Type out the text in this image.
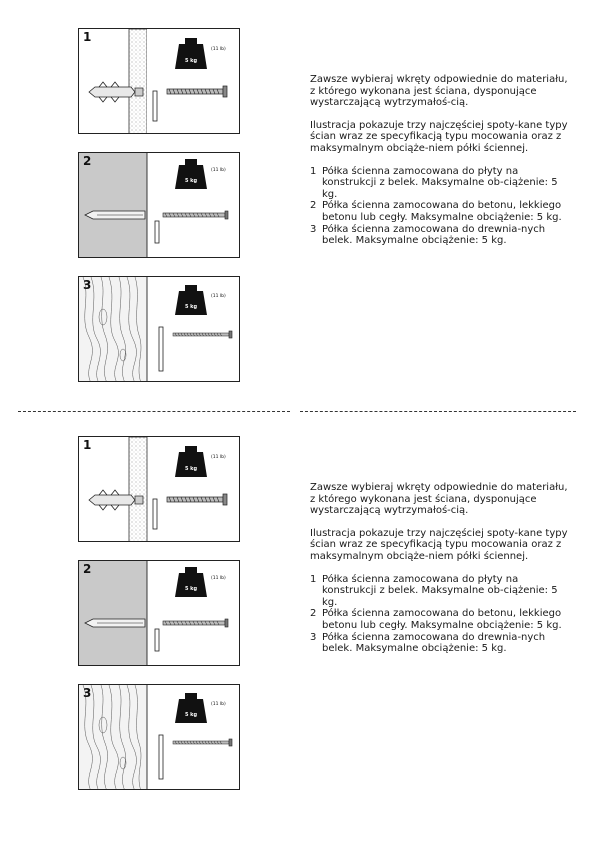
1
5 kg
(11 lb)
2
5 kg
(11 lb)
3
5 kg
(11 lb)

Zawsze wybieraj wkręty odpowiednie do materiału, z którego wykonana jest ściana, dysponujące wystarczającą wytrzymałoś-cią.

Ilustracja pokazuje trzy najczęściej spoty-kane typy ścian wraz ze specyfikacją typu mocowania oraz z maksymalnym obciąże-niem półki ściennej.

1 Półka ścienna zamocowana do płyty na konstrukcji z belek. Maksymalne ob-ciążenie: 5 kg.
2 Półka ścienna zamocowana do betonu, lekkiego betonu lub cegły. Maksymalne obciążenie: 5 kg.
3 Półka ścienna zamocowana do drewnia-nych belek. Maksymalne obciążenie: 5 kg.
1
5 kg
(11 lb)
2
5 kg
(11 lb)
3
5 kg
(11 lb)

Zawsze wybieraj wkręty odpowiednie do materiału, z którego wykonana jest ściana, dysponujące wystarczającą wytrzymałoś-cią.

Ilustracja pokazuje trzy najczęściej spoty-kane typy ścian wraz ze specyfikacją typu mocowania oraz z maksymalnym obciąże-niem półki ściennej.

1 Półka ścienna zamocowana do płyty na konstrukcji z belek. Maksymalne ob-ciążenie: 5 kg.
2 Półka ścienna zamocowana do betonu, lekkiego betonu lub cegły. Maksymalne obciążenie: 5 kg.
3 Półka ścienna zamocowana do drewnia-nych belek. Maksymalne obciążenie: 5 kg.
